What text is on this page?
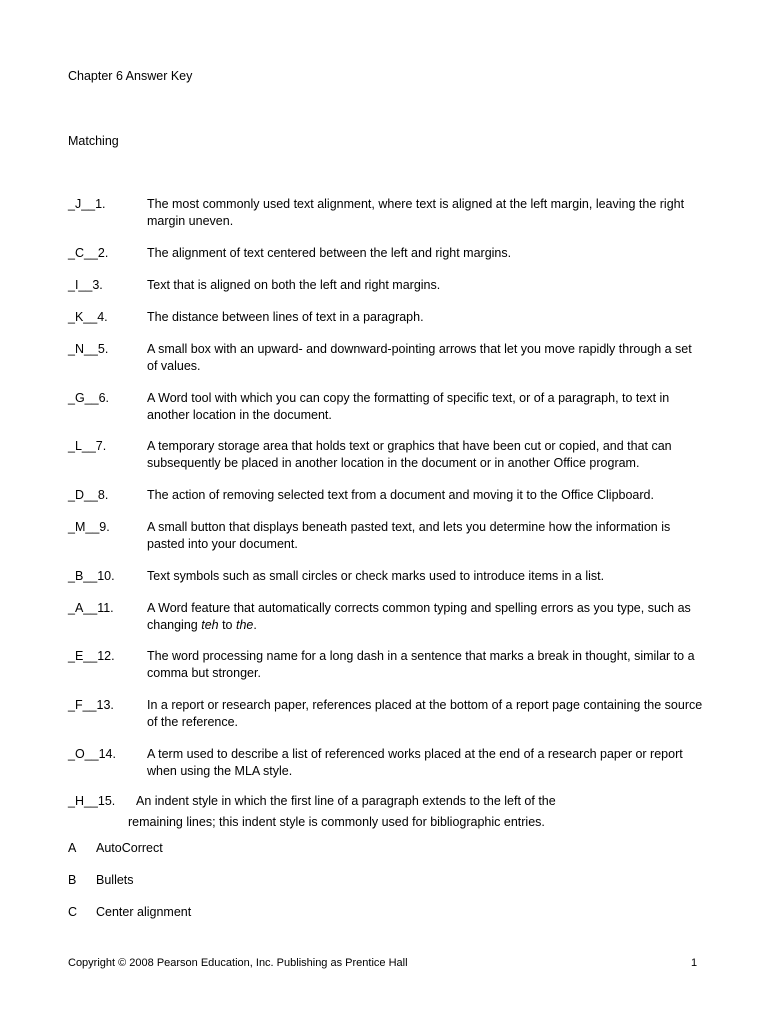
Chapter 6 Answer Key
Matching
_J__1.	The most commonly used text alignment, where text is aligned at the left margin, leaving the right margin uneven.
_C__2.	The alignment of text centered between the left and right margins.
_I__3.	Text that is aligned on both the left and right margins.
_K__4.	The distance between lines of text in a paragraph.
_N__5.	A small box with an upward- and downward-pointing arrows that let you move rapidly through a set of values.
_G__6.	A Word tool with which you can copy the formatting of specific text, or of a paragraph, to text in another location in the document.
_L__7.	A temporary storage area that holds text or graphics that have been cut or copied, and that can subsequently be placed in another location in the document or in another Office program.
_D__8.	The action of removing selected text from a document and moving it to the Office Clipboard.
_M__9.	A small button that displays beneath pasted text, and lets you determine how the information is pasted into your document.
_B__10.	Text symbols such as small circles or check marks used to introduce items in a list.
_A__11.	A Word feature that automatically corrects common typing and spelling errors as you type, such as changing teh to the.
_E__12.	The word processing name for a long dash in a sentence that marks a break in thought, similar to a comma but stronger.
_F__13.	In a report or research paper, references placed at the bottom of a report page containing the source of the reference.
_O__14. A term used to describe a list of referenced works placed at the end of a research paper or report when using the MLA style.
_H__15. An indent style in which the first line of a paragraph extends to the left of the
remaining lines; this indent style is commonly used for bibliographic entries.
A AutoCorrect
B Bullets
C Center alignment
Copyright © 2008 Pearson Education, Inc. Publishing as Prentice Hall	1
